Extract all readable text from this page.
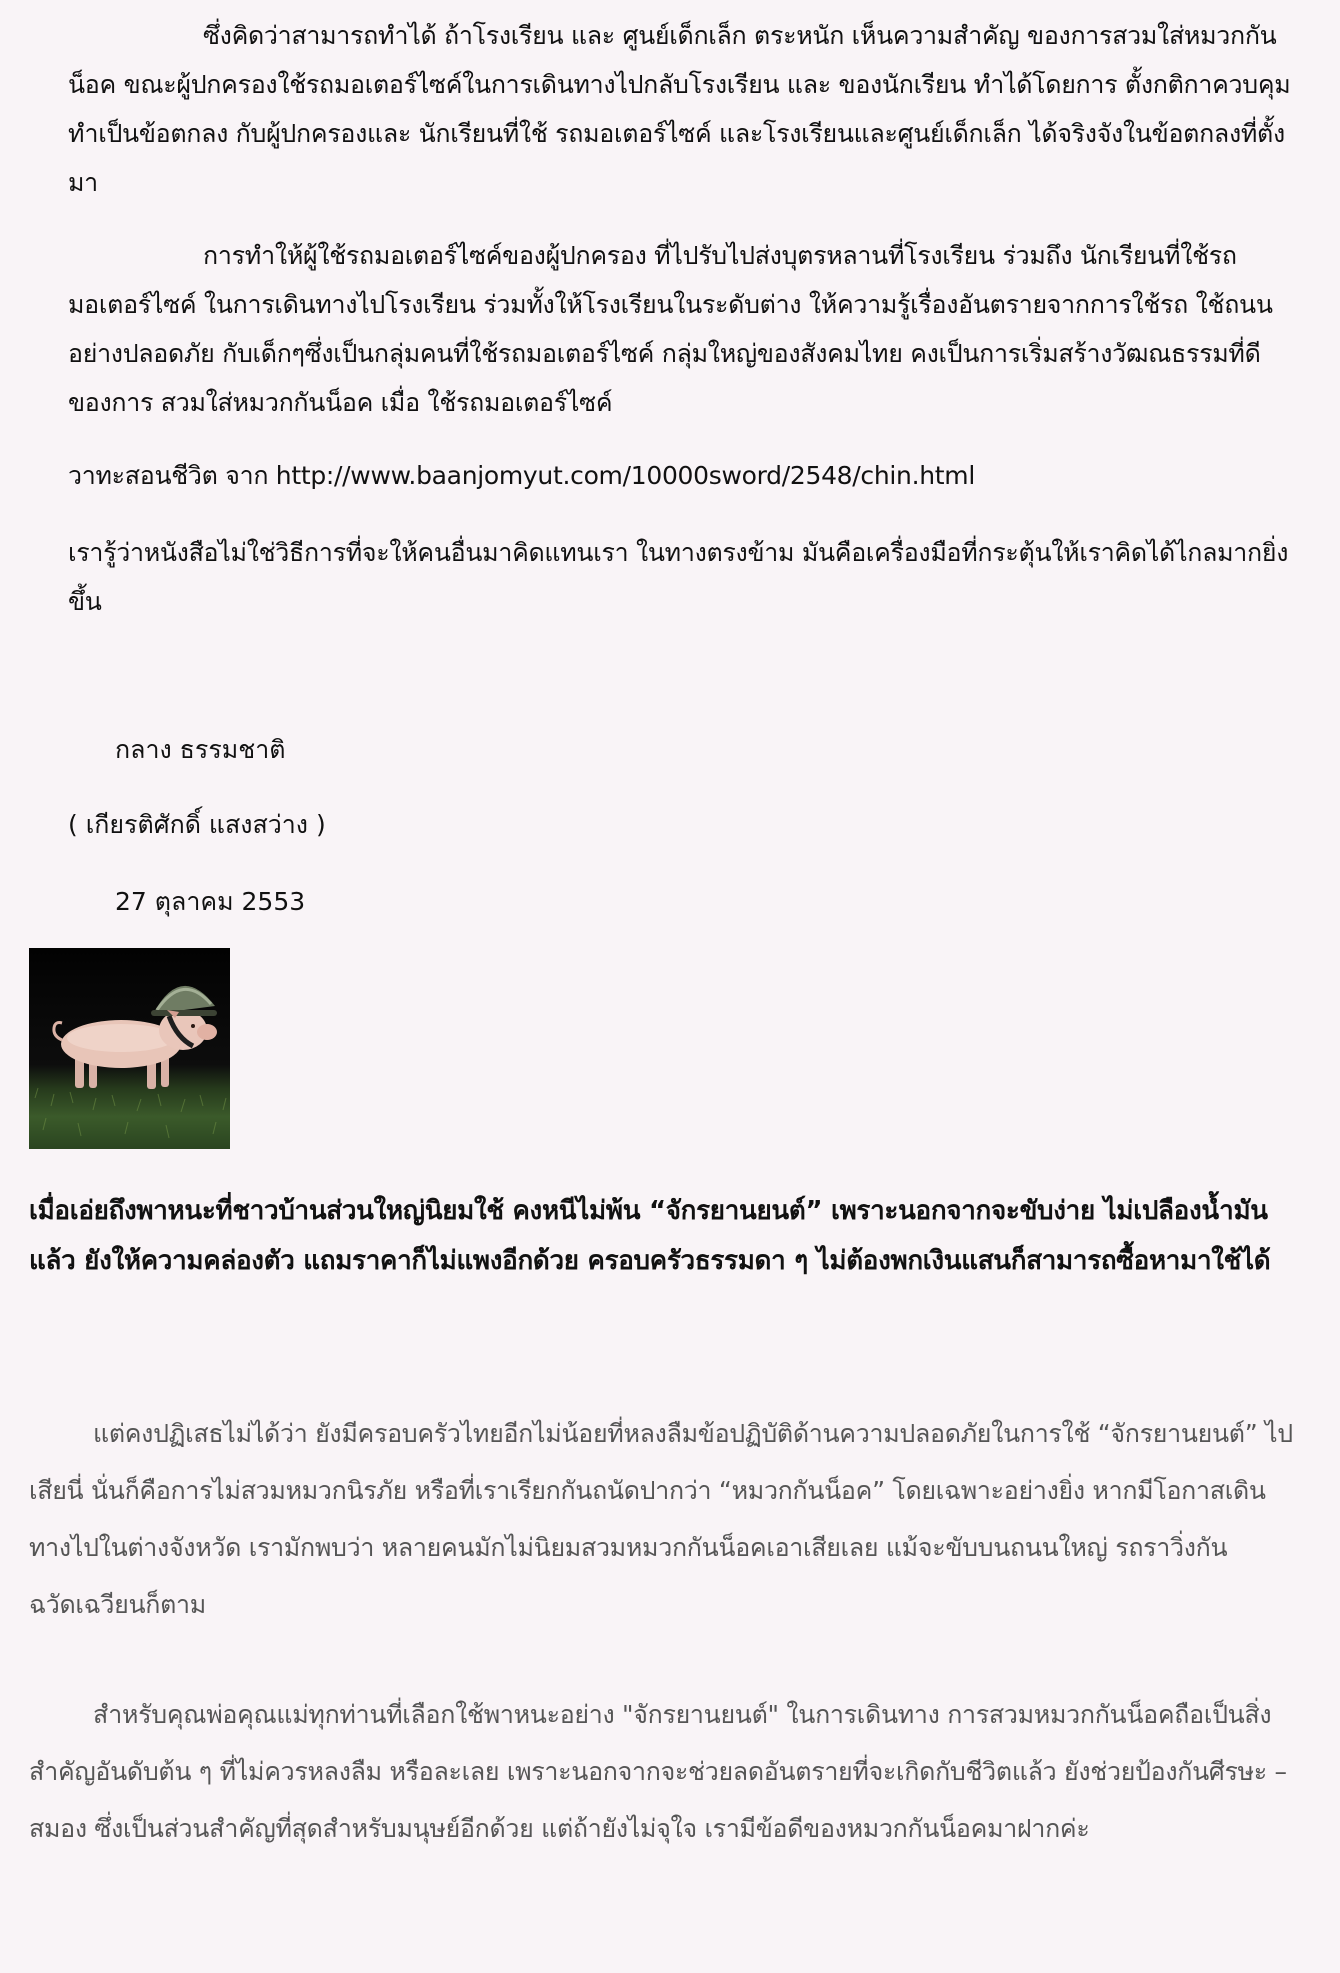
ซึ่งคิดว่าสามารถทำได้ ถ้าโรงเรียน และ ศูนย์เด็กเล็ก ตระหนัก เห็นความสำคัญ ของการสวมใส่หมวกกันน็อค ขณะผู้ปกครองใช้รถมอเตอร์ไซค์ในการเดินทางไปกลับโรงเรียน และ ของนักเรียน ทำได้โดยการ ตั้งกติกาควบคุม ทำเป็นข้อตกลง กับผู้ปกครองและ นักเรียนที่ใช้ รถมอเตอร์ไซค์ และโรงเรียนและศูนย์เด็กเล็ก ได้จริงจังในข้อตกลงที่ตั้งมา

การทำให้ผู้ใช้รถมอเตอร์ไซค์ของผู้ปกครอง ที่ไปรับไปส่งบุตรหลานที่โรงเรียน ร่วมถึง นักเรียนที่ใช้รถมอเตอร์ไซค์ ในการเดินทางไปโรงเรียน ร่วมทั้งให้โรงเรียนในระดับต่าง ให้ความรู้เรื่องอันตรายจากการใช้รถ ใช้ถนน อย่างปลอดภัย กับเด็กๆซึ่งเป็นกลุ่มคนที่ใช้รถมอเตอร์ไซค์ กลุ่มใหญ่ของสังคมไทย คงเป็นการเริ่มสร้างวัฒณธรรมที่ดีของการ สวมใส่หมวกกันน็อค เมื่อ ใช้รถมอเตอร์ไซค์

วาทะสอนชีวิต จาก http://www.baanjomyut.com/10000sword/2548/chin.html

เรารู้ว่าหนังสือไม่ใช่วิธีการที่จะให้คนอื่นมาคิดแทนเรา ในทางตรงข้าม มันคือเครื่องมือที่กระตุ้นให้เราคิดได้ไกลมากยิ่งขึ้น

กลาง ธรรมชาติ
( เกียรติศักดิ์ แสงสว่าง )
27 ตุลาคม 2553

เมื่อเอ่ยถึงพาหนะที่ชาวบ้านส่วนใหญ่นิยมใช้ คงหนีไม่พ้น “จักรยานยนต์” เพราะนอกจากจะขับง่าย ไม่เปลืองน้ำมันแล้ว ยังให้ความคล่องตัว แถมราคาก็ไม่แพงอีกด้วย ครอบครัวธรรมดา ๆ ไม่ต้องพกเงินแสนก็สามารถซื้อหามาใช้ได้

แต่คงปฏิเสธไม่ได้ว่า ยังมีครอบครัวไทยอีกไม่น้อยที่หลงลืมข้อปฏิบัติด้านความปลอดภัยในการใช้ “จักรยานยนต์” ไปเสียนี่ นั่นก็คือการไม่สวมหมวกนิรภัย หรือที่เราเรียกกันถนัดปากว่า “หมวกกันน็อค” โดยเฉพาะอย่างยิ่ง หากมีโอกาสเดินทางไปในต่างจังหวัด เรามักพบว่า หลายคนมักไม่นิยมสวมหมวกกันน็อคเอาเสียเลย แม้จะขับบนถนนใหญ่ รถราวิ่งกันฉวัดเฉวียนก็ตาม

สำหรับคุณพ่อคุณแม่ทุกท่านที่เลือกใช้พาหนะอย่าง "จักรยานยนต์" ในการเดินทาง การสวมหมวกกันน็อคถือเป็นสิ่งสำคัญอันดับต้น ๆ ที่ไม่ควรหลงลืม หรือละเลย เพราะนอกจากจะช่วยลดอันตรายที่จะเกิดกับชีวิตแล้ว ยังช่วยป้องกันศีรษะ – สมอง ซึ่งเป็นส่วนสำคัญที่สุดสำหรับมนุษย์อีกด้วย แต่ถ้ายังไม่จุใจ เรามีข้อดีของหมวกกันน็อคมาฝากค่ะ
